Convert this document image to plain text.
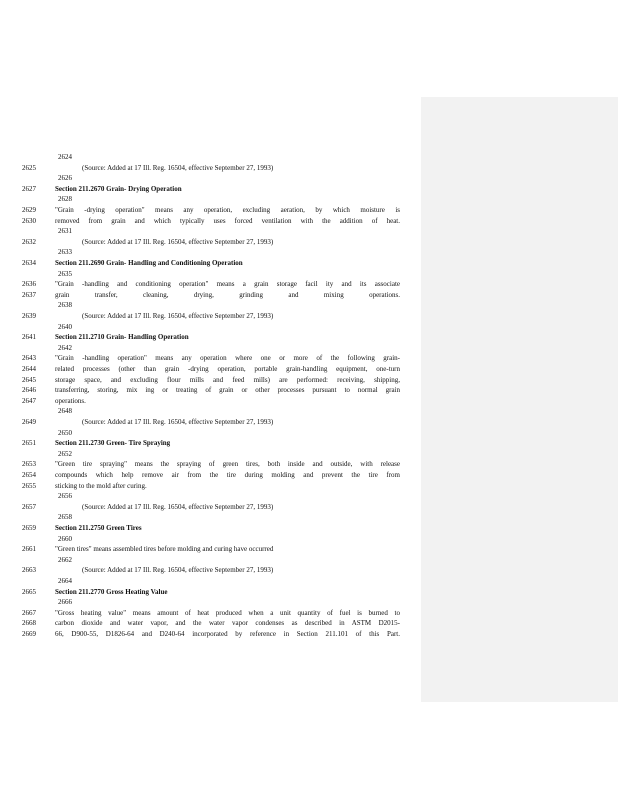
2624
2625	(Source: Added at 17 Ill. Reg. 16504, effective September 27, 1993)
2626
2627	Section 211.2670 Grain- Drying Operation
2628
2629	"Grain -drying operation" means any operation, excluding aeration, by which moisture is
2630	removed from grain and which typically uses forced ventilation with the addition of heat.
2631
2632	(Source: Added at 17 Ill. Reg. 16504, effective September 27, 1993)
2633
2634	Section 211.2690 Grain- Handling and Conditioning Operation
2635
2636	"Grain -handling and conditioning operation" means a grain storage facil ity and its associate
2637	grain transfer, cleaning, drying, grinding and mixing operations.
2638
2639	(Source: Added at 17 Ill. Reg. 16504, effective September 27, 1993)
2640
2641	Section 211.2710 Grain- Handling Operation
2642
2643	"Grain -handling operation" means any operation where one or more of the following grain-
2644	related processes (other than grain -drying operation, portable grain-handling equipment, one-turn
2645	storage space, and excluding flour mills and feed mills) are performed: receiving, shipping,
2646	transferring, storing, mix ing or treating of grain or other processes pursuant to normal grain
2647	operations.
2648
2649	(Source: Added at 17 Ill. Reg. 16504, effective September 27, 1993)
2650
2651	Section 211.2730 Green- Tire Spraying
2652
2653	"Green tire spraying" means the spraying of green tires, both inside and outside, with release
2654	compounds which help remove air from the tire during molding and prevent the tire from
2655	sticking to the mold after curing.
2656
2657	(Source: Added at 17 Ill. Reg. 16504, effective September 27, 1993)
2658
2659	Section 211.2750 Green Tires
2660
2661	"Green tires" means assembled tires before molding and curing have occurred
2662
2663	(Source: Added at 17 Ill. Reg. 16504, effective September 27, 1993)
2664
2665	Section 211.2770 Gross Heating Value
2666
2667	"Gross heating value" means amount of heat produced when a unit quantity of fuel is burned to
2668	carbon dioxide and water vapor, and the water vapor condenses as described in ASTM D2015-
2669	66, D900-55, D1826-64 and D240-64 incorporated by reference in Section 211.101 of this Part.
